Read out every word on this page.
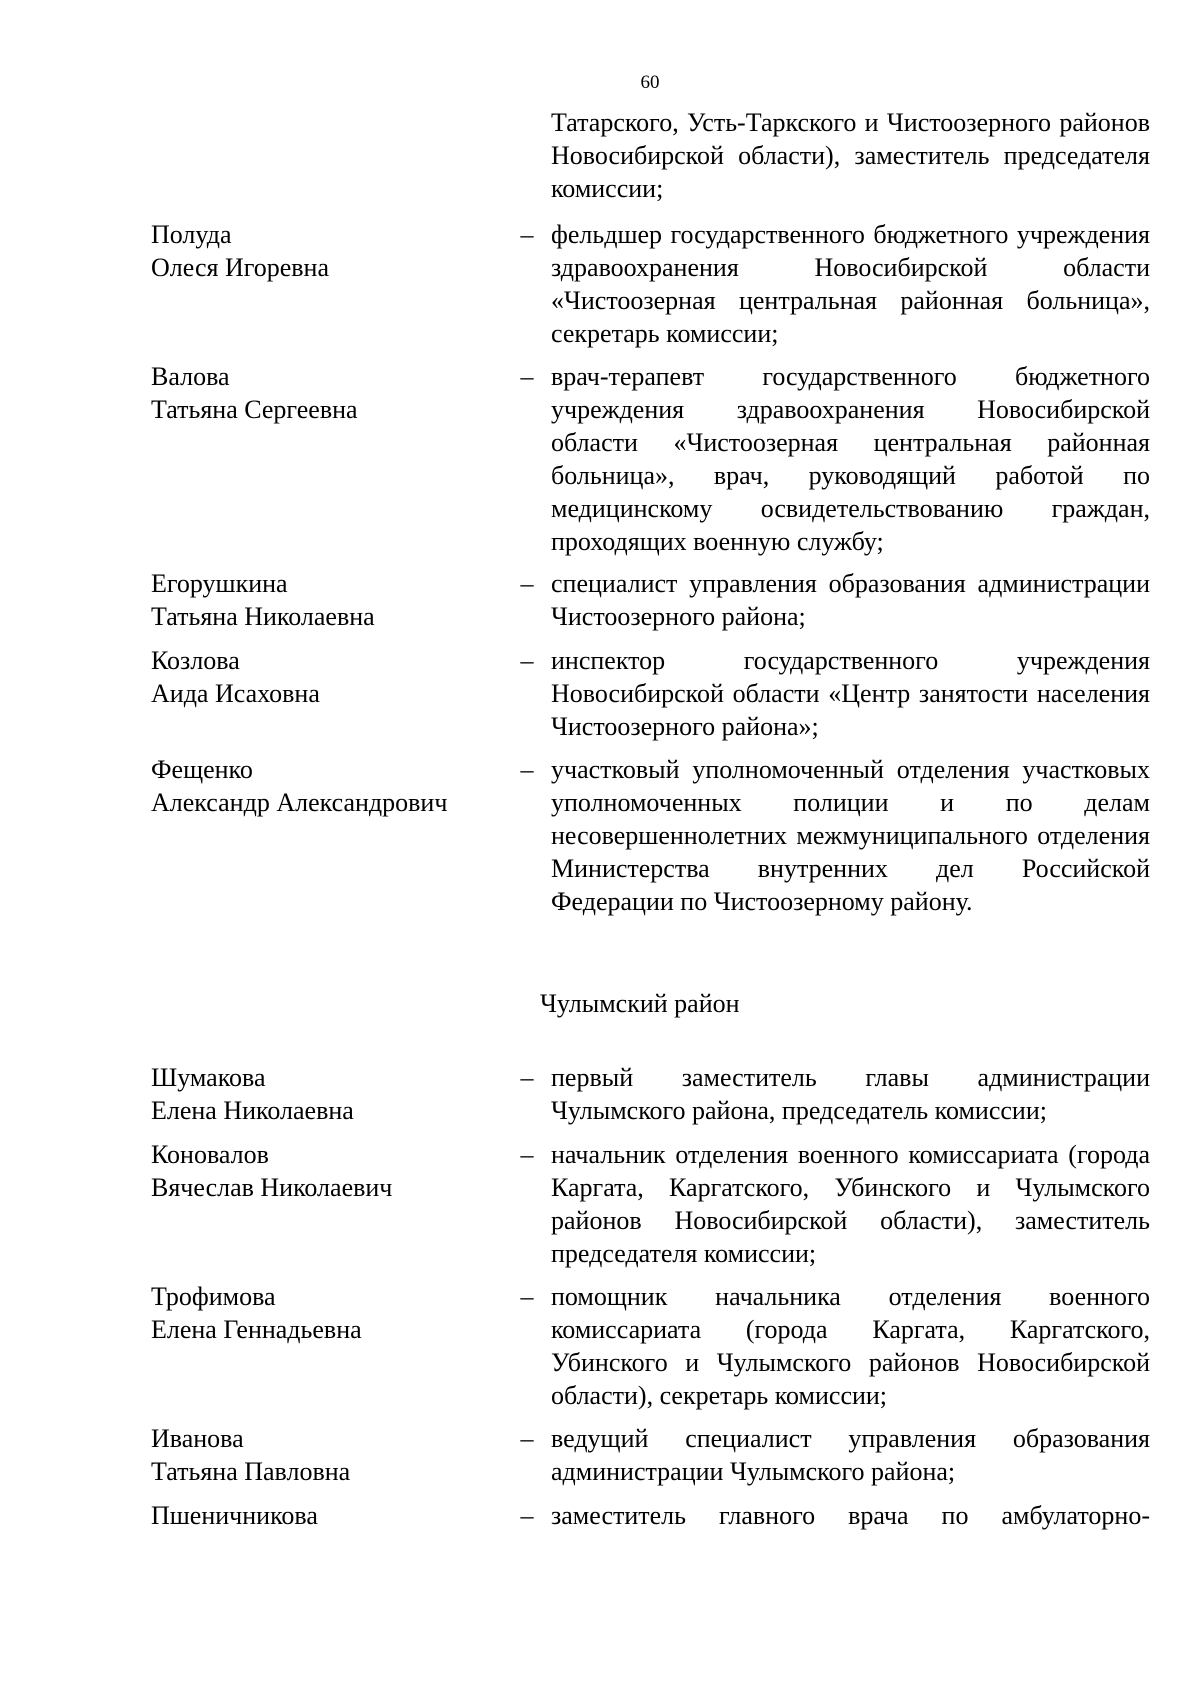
60
Татарского, Усть-Таркского и Чистоозерного районов Новосибирской области), заместитель председателя комиссии;
Полуда
Олеся Игоревна
– фельдшер государственного бюджетного учреждения здравоохранения Новосибирской области «Чистоозерная центральная районная больница», секретарь комиссии;
Валова
Татьяна Сергеевна
– врач-терапевт государственного бюджетного учреждения здравоохранения Новосибирской области «Чистоозерная центральная районная больница», врач, руководящий работой по медицинскому освидетельствованию граждан, проходящих военную службу;
Егорушкина
Татьяна Николаевна
– специалист управления образования администрации Чистоозерного района;
Козлова
Аида Исаховна
– инспектор государственного учреждения Новосибирской области «Центр занятости населения Чистоозерного района»;
Фещенко
Александр Александрович
– участковый уполномоченный отделения участковых уполномоченных полиции и по делам несовершеннолетних межмуниципального отделения Министерства внутренних дел Российской Федерации по Чистоозерному району.
Чулымский район
Шумакова
Елена Николаевна
– первый заместитель главы администрации Чулымского района, председатель комиссии;
Коновалов
Вячеслав Николаевич
– начальник отделения военного комиссариата (города Каргата, Каргатского, Убинского и Чулымского районов Новосибирской области), заместитель председателя комиссии;
Трофимова
Елена Геннадьевна
– помощник начальника отделения военного комиссариата (города Каргата, Каргатского, Убинского и Чулымского районов Новосибирской области), секретарь комиссии;
Иванова
Татьяна Павловна
– ведущий специалист управления образования администрации Чулымского района;
Пшеничникова	– заместитель главного врача по амбулаторно-
